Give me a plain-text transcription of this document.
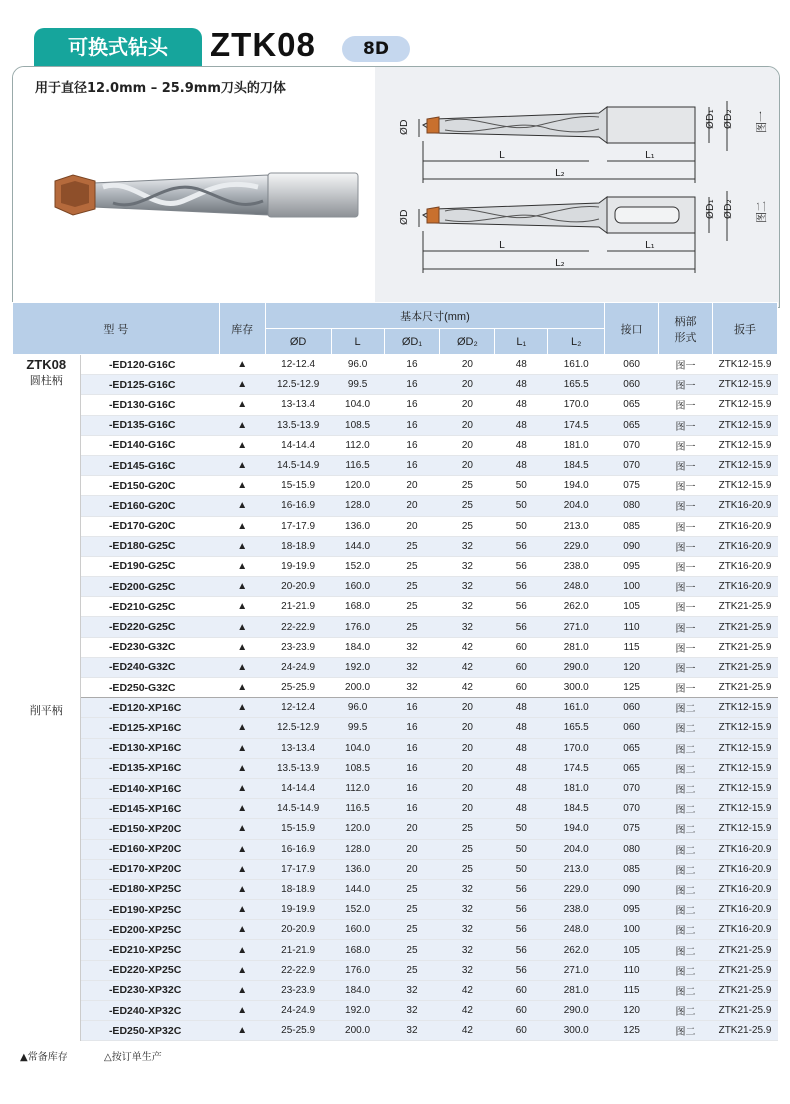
可换式钻头	ZTK08	8D
用于直径12.0mm – 25.9mm刀头的刀体
ØD
L	L₁
L₂
ØD₁ ØD₂ 图一
ØD
L	L₁
L₂
ØD₁ ØD₂ 图二
型 号		库存	基本尺寸(mm)						接口	柄部
形式	扳手
			ØD	L	ØD₁	ØD₂	L₁	L₂			

ZTK08
圆柱柄	-ED120-G16C	▲	12-12.4	96.0	16	20	48	161.0	060	图一	ZTK12-15.9
	-ED125-G16C	▲	12.5-12.9	99.5	16	20	48	165.5	060	图一	ZTK12-15.9
	-ED130-G16C	▲	13-13.4	104.0	16	20	48	170.0	065	图一	ZTK12-15.9
	-ED135-G16C	▲	13.5-13.9	108.5	16	20	48	174.5	065	图一	ZTK12-15.9
	-ED140-G16C	▲	14-14.4	112.0	16	20	48	181.0	070	图一	ZTK12-15.9
	-ED145-G16C	▲	14.5-14.9	116.5	16	20	48	184.5	070	图一	ZTK12-15.9
	-ED150-G20C	▲	15-15.9	120.0	20	25	50	194.0	075	图一	ZTK12-15.9
	-ED160-G20C	▲	16-16.9	128.0	20	25	50	204.0	080	图一	ZTK16-20.9
	-ED170-G20C	▲	17-17.9	136.0	20	25	50	213.0	085	图一	ZTK16-20.9
	-ED180-G25C	▲	18-18.9	144.0	25	32	56	229.0	090	图一	ZTK16-20.9
	-ED190-G25C	▲	19-19.9	152.0	25	32	56	238.0	095	图一	ZTK16-20.9
	-ED200-G25C	▲	20-20.9	160.0	25	32	56	248.0	100	图一	ZTK16-20.9
	-ED210-G25C	▲	21-21.9	168.0	25	32	56	262.0	105	图一	ZTK21-25.9
	-ED220-G25C	▲	22-22.9	176.0	25	32	56	271.0	110	图一	ZTK21-25.9
	-ED230-G32C	▲	23-23.9	184.0	32	42	60	281.0	115	图一	ZTK21-25.9
	-ED240-G32C	▲	24-24.9	192.0	32	42	60	290.0	120	图一	ZTK21-25.9
	-ED250-G32C	▲	25-25.9	200.0	32	42	60	300.0	125	图一	ZTK21-25.9

削平柄	-ED120-XP16C	▲	12-12.4	96.0	16	20	48	161.0	060	图二	ZTK12-15.9
	-ED125-XP16C	▲	12.5-12.9	99.5	16	20	48	165.5	060	图二	ZTK12-15.9
	-ED130-XP16C	▲	13-13.4	104.0	16	20	48	170.0	065	图二	ZTK12-15.9
	-ED135-XP16C	▲	13.5-13.9	108.5	16	20	48	174.5	065	图二	ZTK12-15.9
	-ED140-XP16C	▲	14-14.4	112.0	16	20	48	181.0	070	图二	ZTK12-15.9
	-ED145-XP16C	▲	14.5-14.9	116.5	16	20	48	184.5	070	图二	ZTK12-15.9
	-ED150-XP20C	▲	15-15.9	120.0	20	25	50	194.0	075	图二	ZTK12-15.9
	-ED160-XP20C	▲	16-16.9	128.0	20	25	50	204.0	080	图二	ZTK16-20.9
	-ED170-XP20C	▲	17-17.9	136.0	20	25	50	213.0	085	图二	ZTK16-20.9
	-ED180-XP25C	▲	18-18.9	144.0	25	32	56	229.0	090	图二	ZTK16-20.9
	-ED190-XP25C	▲	19-19.9	152.0	25	32	56	238.0	095	图二	ZTK16-20.9
	-ED200-XP25C	▲	20-20.9	160.0	25	32	56	248.0	100	图二	ZTK16-20.9
	-ED210-XP25C	▲	21-21.9	168.0	25	32	56	262.0	105	图二	ZTK21-25.9
	-ED220-XP25C	▲	22-22.9	176.0	25	32	56	271.0	110	图二	ZTK21-25.9
	-ED230-XP32C	▲	23-23.9	184.0	32	42	60	281.0	115	图二	ZTK21-25.9
	-ED240-XP32C	▲	24-24.9	192.0	32	42	60	290.0	120	图二	ZTK21-25.9
	-ED250-XP32C	▲	25-25.9	200.0	32	42	60	300.0	125	图二	ZTK21-25.9
▲常备库存	△按订单生产
